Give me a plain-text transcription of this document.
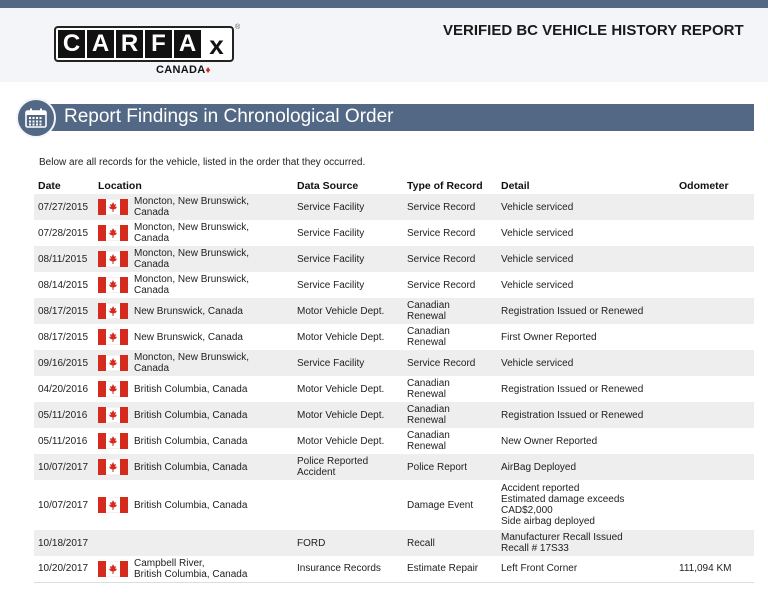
C A R F A x
®
CANADA♦
VERIFIED BC VEHICLE HISTORY REPORT
Report Findings in Chronological Order
Below are all records for the vehicle, listed in the order that they occurred.
Date	Location	Data Source	Type of Record	Detail	Odometer
07/27/2015	Moncton, New Brunswick,
Canada	Service Facility	Service Record	Vehicle serviced	
07/28/2015	Moncton, New Brunswick,
Canada	Service Facility	Service Record	Vehicle serviced	
08/11/2015	Moncton, New Brunswick,
Canada	Service Facility	Service Record	Vehicle serviced	
08/14/2015	Moncton, New Brunswick,
Canada	Service Facility	Service Record	Vehicle serviced	
08/17/2015	New Brunswick, Canada	Motor Vehicle Dept.	Canadian
Renewal	Registration Issued or Renewed	
08/17/2015	New Brunswick, Canada	Motor Vehicle Dept.	Canadian
Renewal	First Owner Reported	
09/16/2015	Moncton, New Brunswick,
Canada	Service Facility	Service Record	Vehicle serviced	
04/20/2016	British Columbia, Canada	Motor Vehicle Dept.	Canadian
Renewal	Registration Issued or Renewed	
05/11/2016	British Columbia, Canada	Motor Vehicle Dept.	Canadian
Renewal	Registration Issued or Renewed	
05/11/2016	British Columbia, Canada	Motor Vehicle Dept.	Canadian
Renewal	New Owner Reported	
10/07/2017	British Columbia, Canada	Police Reported
Accident	Police Report	AirBag Deployed	
10/07/2017	British Columbia, Canada		Damage Event	Accident reported
Estimated damage exceeds
CAD$2,000
Side airbag deployed	
10/18/2017		FORD	Recall	Manufacturer Recall Issued
Recall # 17S33	
10/20/2017	Campbell River,
British Columbia, Canada	Insurance Records	Estimate Repair	Left Front Corner	111,094 KM
